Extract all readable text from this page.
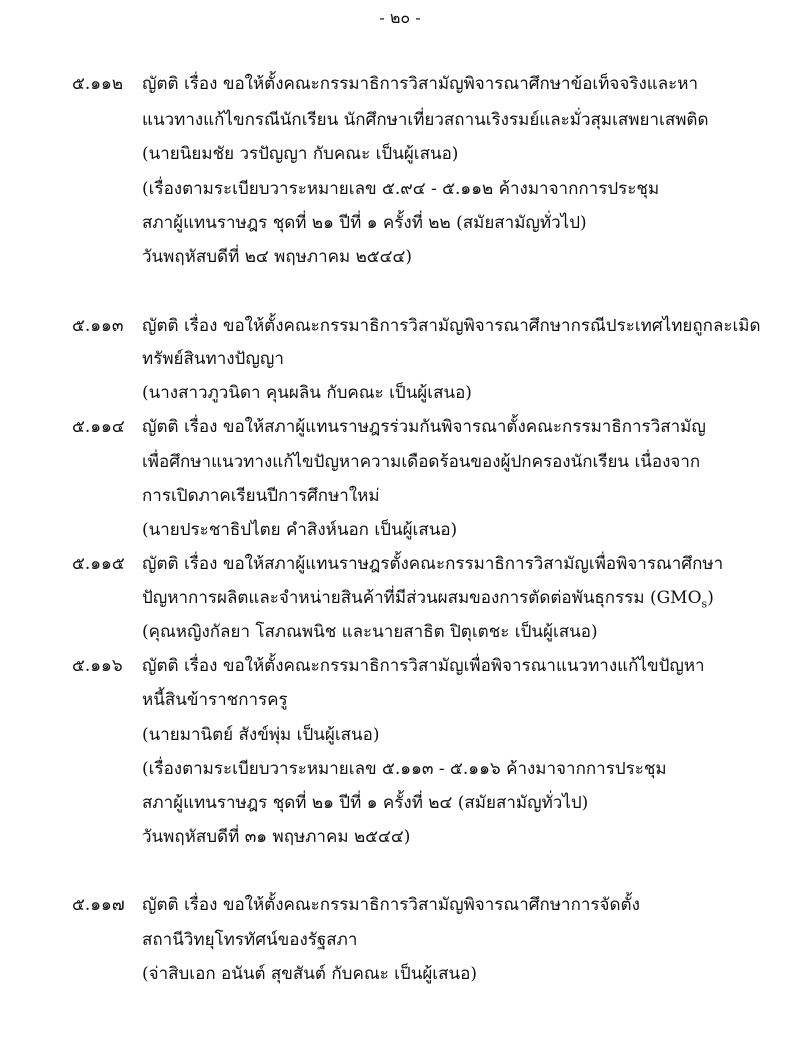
- ๒๐ -
๕.๑๑๒ ญัตติ เรื่อง ขอให้ตั้งคณะกรรมาธิการวิสามัญพิจารณาศึกษาข้อเท็จจริงและหา
แนวทางแก้ไขกรณีนักเรียน นักศึกษาเที่ยวสถานเริงรมย์และมั่วสุมเสพยาเสพติด
(นายนิยมชัย วรปัญญา กับคณะ เป็นผู้เสนอ)
(เรื่องตามระเบียบวาระหมายเลข ๕.๙๔ - ๕.๑๑๒ ค้างมาจากการประชุม
สภาผู้แทนราษฎร ชุดที่ ๒๑ ปีที่ ๑ ครั้งที่ ๒๒ (สมัยสามัญทั่วไป)
วันพฤหัสบดีที่ ๒๔ พฤษภาคม ๒๕๔๔)
๕.๑๑๓ ญัตติ เรื่อง ขอให้ตั้งคณะกรรมาธิการวิสามัญพิจารณาศึกษากรณีประเทศไทยถูกละเมิด
ทรัพย์สินทางปัญญา
(นางสาวภูวนิดา คุนผลิน กับคณะ เป็นผู้เสนอ)
๕.๑๑๔ ญัตติ เรื่อง ขอให้สภาผู้แทนราษฎรร่วมกันพิจารณาตั้งคณะกรรมาธิการวิสามัญ
เพื่อศึกษาแนวทางแก้ไขปัญหาความเดือดร้อนของผู้ปกครองนักเรียน เนื่องจาก
การเปิดภาคเรียนปีการศึกษาใหม่
(นายประชาธิปไตย คำสิงห์นอก เป็นผู้เสนอ)
๕.๑๑๕ ญัตติ เรื่อง ขอให้สภาผู้แทนราษฎรตั้งคณะกรรมาธิการวิสามัญเพื่อพิจารณาศึกษา
ปัญหาการผลิตและจำหน่ายสินค้าที่มีส่วนผสมของการตัดต่อพันธุกรรม $(GMO_s)$
(คุณหญิงกัลยา โสภณพนิช และนายสาธิต ปิตุเตชะ เป็นผู้เสนอ)
๕.๑๑๖ ญัตติ เรื่อง ขอให้ตั้งคณะกรรมาธิการวิสามัญเพื่อพิจารณาแนวทางแก้ไขปัญหา
หนี้สินข้าราชการครู
(นายมานิตย์ สังข์พุ่ม เป็นผู้เสนอ)
(เรื่องตามระเบียบวาระหมายเลข ๕.๑๑๓ - ๕.๑๑๖ ค้างมาจากการประชุม
สภาผู้แทนราษฎร ชุดที่ ๒๑ ปีที่ ๑ ครั้งที่ ๒๔ (สมัยสามัญทั่วไป)
วันพฤหัสบดีที่ ๓๑ พฤษภาคม ๒๕๔๔)
๕.๑๑๗ ญัตติ เรื่อง ขอให้ตั้งคณะกรรมาธิการวิสามัญพิจารณาศึกษาการจัดตั้ง
สถานีวิทยุโทรทัศน์ของรัฐสภา
(จ่าสิบเอก อนันต์ สุขสันต์ กับคณะ เป็นผู้เสนอ)
